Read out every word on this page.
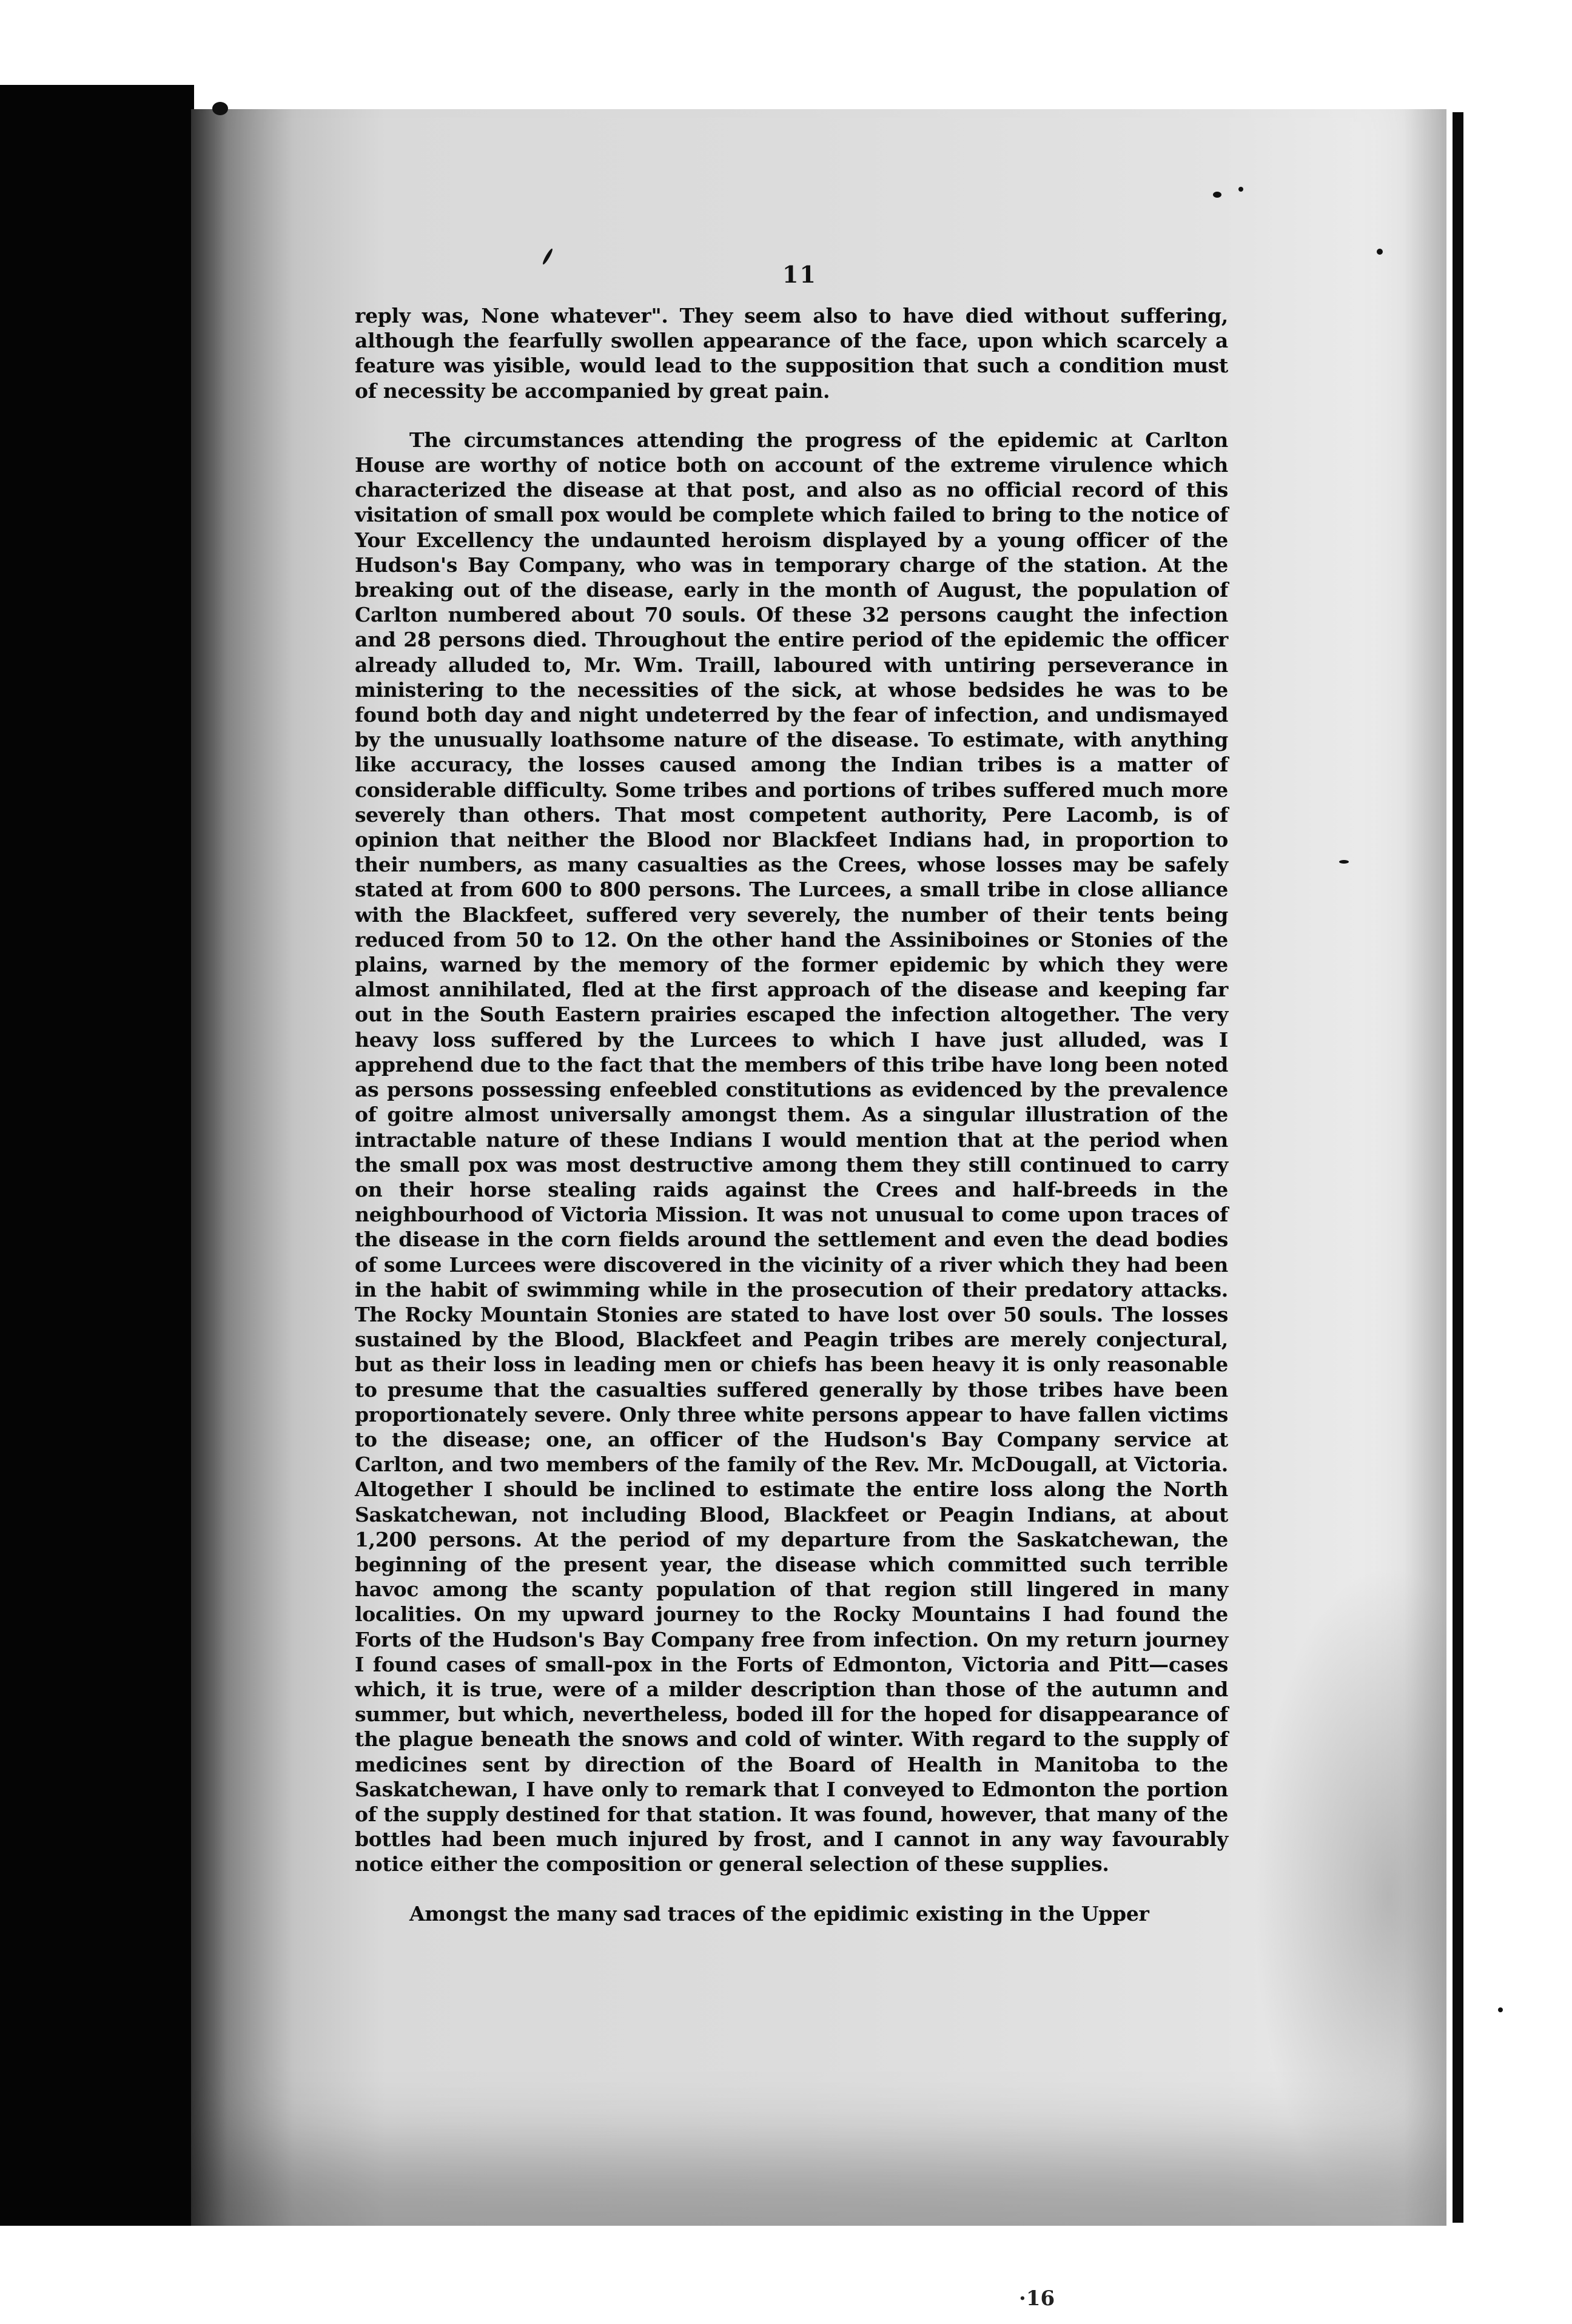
11

reply was, None whatever". They seem also to have died without suffering, although the fearfully swollen appearance of the face, upon which scarcely a feature was yisible, would lead to the supposition that such a condition must of necessity be accompanied by great pain.

The circumstances attending the progress of the epidemic at Carlton House are worthy of notice both on account of the extreme virulence which characterized the disease at that post, and also as no official record of this visitation of small pox would be complete which failed to bring to the notice of Your Excellency the undaunted heroism displayed by a young officer of the Hudson's Bay Company, who was in temporary charge of the station. At the breaking out of the disease, early in the month of August, the population of Carlton numbered about 70 souls. Of these 32 persons caught the infection and 28 persons died. Throughout the entire period of the epidemic the officer already alluded to, Mr. Wm. Traill, laboured with untiring perseverance in ministering to the necessities of the sick, at whose bedsides he was to be found both day and night undeterred by the fear of infection, and undismayed by the unusually loathsome nature of the disease. To estimate, with anything like accuracy, the losses caused among the Indian tribes is a matter of considerable difficulty. Some tribes and portions of tribes suffered much more severely than others. That most competent authority, Pere Lacomb, is of opinion that neither the Blood nor Blackfeet Indians had, in proportion to their numbers, as many casualties as the Crees, whose losses may be safely stated at from 600 to 800 persons. The Lurcees, a small tribe in close alliance with the Blackfeet, suffered very severely, the number of their tents being reduced from 50 to 12. On the other hand the Assiniboines or Stonies of the plains, warned by the memory of the former epidemic by which they were almost annihilated, fled at the first approach of the disease and keeping far out in the South Eastern prairies escaped the infection altogether. The very heavy loss suffered by the Lurcees to which I have just alluded, was I apprehend due to the fact that the members of this tribe have long been noted as persons possessing enfeebled constitutions as evidenced by the prevalence of goitre almost universally amongst them. As a singular illustration of the intractable nature of these Indians I would mention that at the period when the small pox was most destructive among them they still continued to carry on their horse stealing raids against the Crees and half-breeds in the neighbourhood of Victoria Mission. It was not unusual to come upon traces of the disease in the corn fields around the settlement and even the dead bodies of some Lurcees were discovered in the vicinity of a river which they had been in the habit of swimming while in the prosecution of their predatory attacks. The Rocky Mountain Stonies are stated to have lost over 50 souls. The losses sustained by the Blood, Blackfeet and Peagin tribes are merely conjectural, but as their loss in leading men or chiefs has been heavy it is only reasonable to presume that the casualties suffered generally by those tribes have been proportionately severe. Only three white persons appear to have fallen victims to the disease; one, an officer of the Hudson's Bay Company service at Carlton, and two members of the family of the Rev. Mr. McDougall, at Victoria. Altogether I should be inclined to estimate the entire loss along the North Saskatchewan, not including Blood, Blackfeet or Peagin Indians, at about 1,200 persons. At the period of my departure from the Saskatchewan, the beginning of the present year, the disease which committed such terrible havoc among the scanty population of that region still lingered in many localities. On my upward journey to the Rocky Mountains I had found the Forts of the Hudson's Bay Company free from infection. On my return journey I found cases of small-pox in the Forts of Edmonton, Victoria and Pitt—cases which, it is true, were of a milder description than those of the autumn and summer, but which, nevertheless, boded ill for the hoped for disappearance of the plague beneath the snows and cold of winter. With regard to the supply of medicines sent by direction of the Board of Health in Manitoba to the Saskatchewan, I have only to remark that I conveyed to Edmonton the portion of the supply destined for that station. It was found, however, that many of the bottles had been much injured by frost, and I cannot in any way favourably notice either the composition or general selection of these supplies.

Amongst the many sad traces of the epidimic existing in the Upper

·16
